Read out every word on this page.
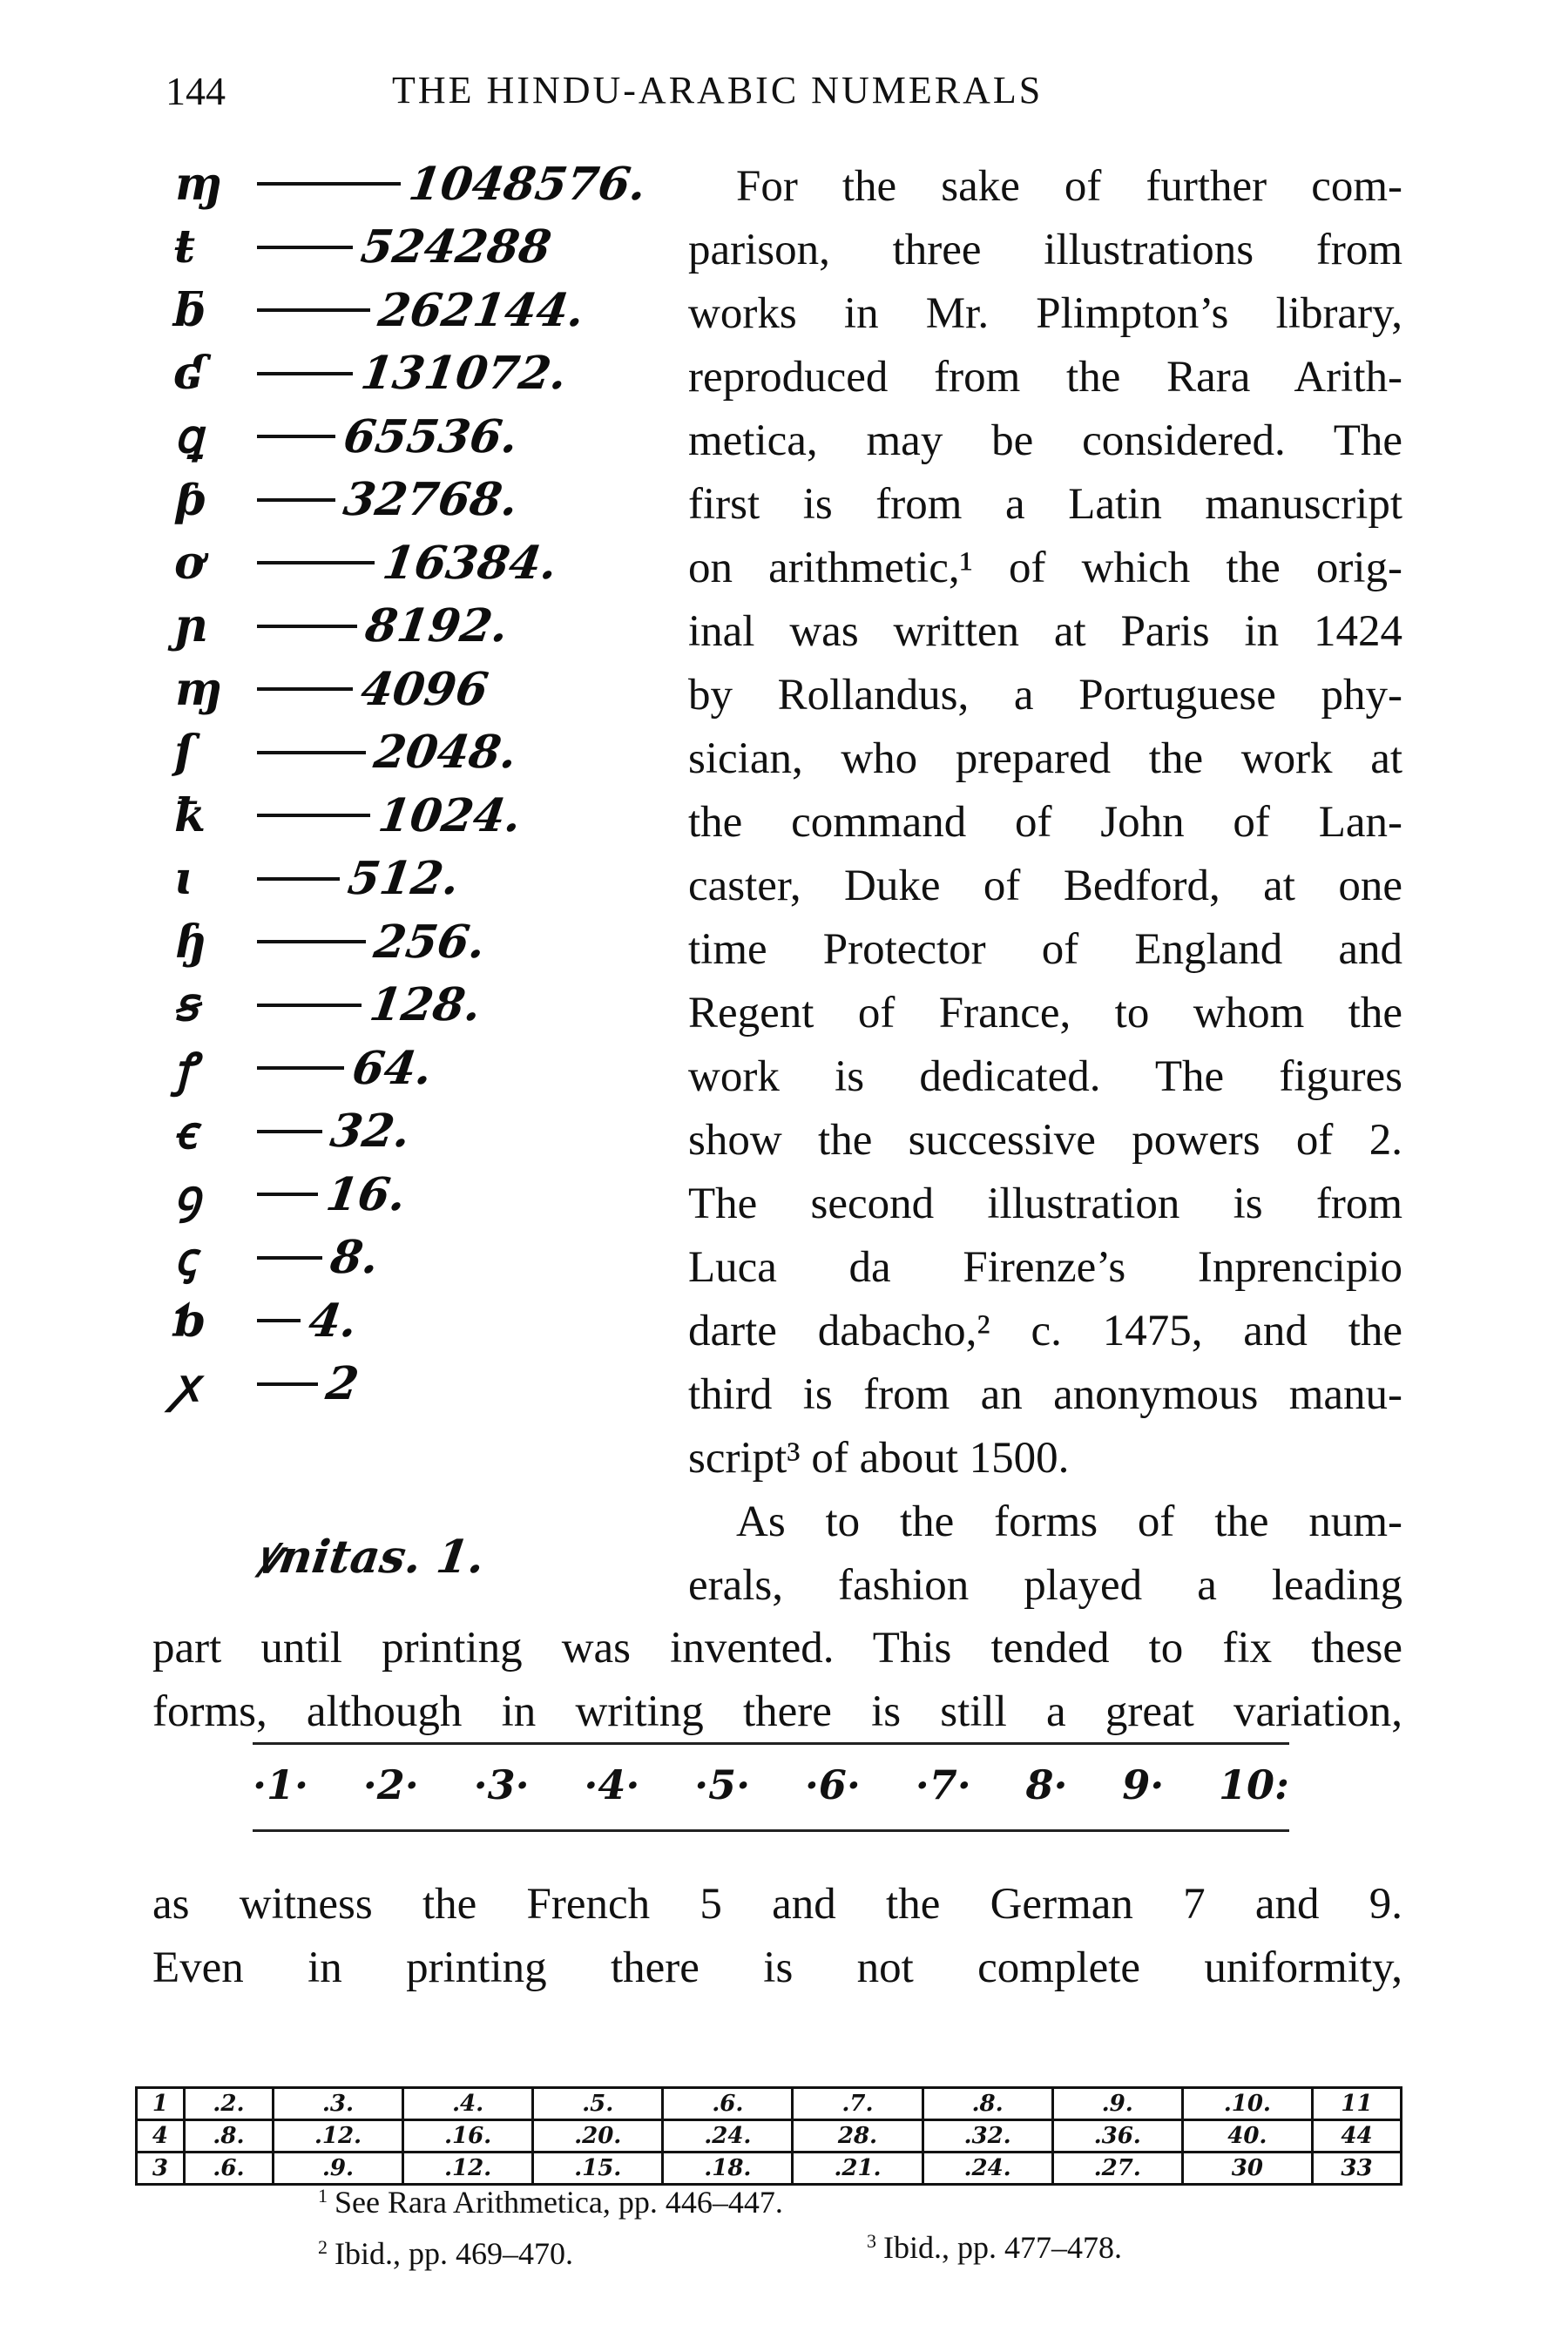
144	THE HINDU-ARABIC NUMERALS
ɱ	1048576.
ŧ	524288
ƃ	262144.
ʛ	131072.
ꝗ	65536.
ƥ	32768.
ơ	16384.
ɲ	8192.
ɱ	4096
ſ	2048.
ꝁ	1024.
ɩ	512.
ɧ	256.
ꞩ	128.
ꝭ	64.
ꞓ	32.
ꝯ	16.
ꞔ	8.
ƅ	4.
ꭗ	2
ꝟnitas. 1.
For the sake of further com-
parison, three illustrations from
works in Mr. Plimpton’s library,
reproduced from the Rara Arith-
metica, may be considered. The
first is from a Latin manuscript
on arithmetic,¹ of which the orig-
inal was written at Paris in 1424
by Rollandus, a Portuguese phy-
sician, who prepared the work at
the command of John of Lan-
caster, Duke of Bedford, at one
time Protector of England and
Regent of France, to whom the
work is dedicated. The figures
show the successive powers of 2.
The second illustration is from
Luca da Firenze’s Inprencipio
darte dabacho,² c. 1475, and the
third is from an anonymous manu-
script³ of about 1500.
As to the forms of the num-
erals, fashion played a leading
part until printing was invented. This tended to fix these
forms, although in writing there is still a great variation,
·1· ·2· ·3· ·4· ·5· ·6· ·7· 8· 9· 10:
as witness the French 5 and the German 7 and 9.
Even in printing there is not complete uniformity,
1	.2.	.3.	.4.	.5.	.6.	.7.	.8.	.9.	.10.	11
4	.8.	.12.	.16.	.20.	.24.	28.	.32.	.36.	40.	44
3	.6.	.9.	.12.	.15.	.18.	.21.	.24.	.27.	30	33
$^1$ See Rara Arithmetica, pp. 446–447.
$^2$ Ibid., pp. 469–470.	$^3$ Ibid., pp. 477–478.
